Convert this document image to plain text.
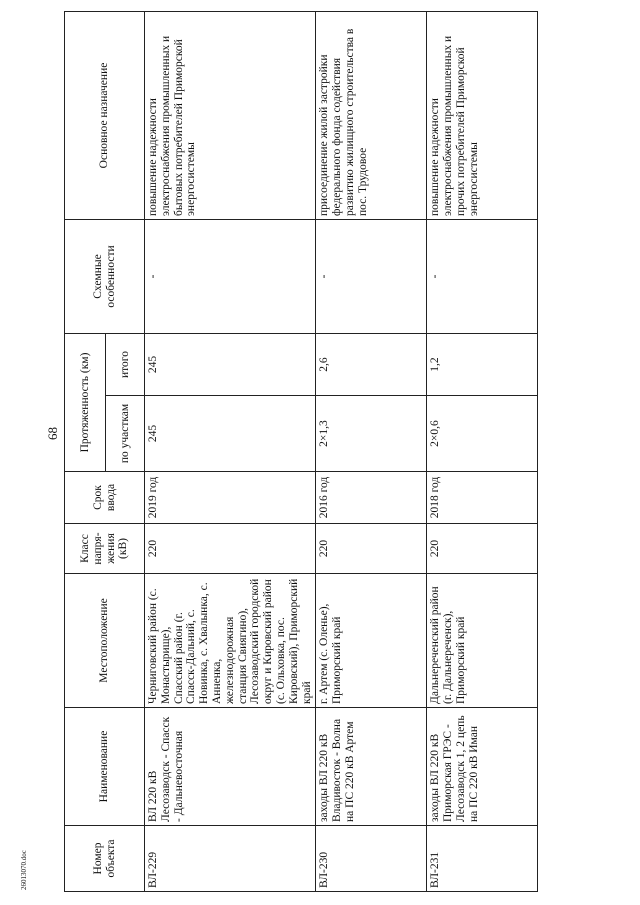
68
Номер объекта	Наименование	Местоположение	Класс напря-жения (кВ)	Срок ввода	Протяженность (км)		Схемные особенности	Основное назначение
					по участкам	итого		
ВЛ-229	ВЛ 220 кВ Лесозаводск - Спасск - Дальневосточная	Черниговский район (с. Монастырище), Спасский район (г. Спасск-Дальний, с. Новинка, с. Хвалынка, с. Анненка, железнодорожная станция Свиягино), Лесозаводский городской округ и Кировский район (с. Ольховка, пос. Кировский), Приморский край	220	2019 год	245	245	-	повышение надежности электроснабжения промышленных и бытовых потребителей Приморской энергосистемы
ВЛ-230	заходы ВЛ 220 кВ Владивосток - Волна на ПС 220 кВ Артем	г. Артем (с. Оленье), Приморский край	220	2016 год	2×1,3	2,6	-	присоединение жилой застройки федерального фонда содействия развитию жилищного строительства в пос. Трудовое
ВЛ-231	заходы ВЛ 220 кВ Приморская ГРЭС - Лесозаводск 1, 2 цепь на ПС 220 кВ Иман	Дальнереченский район (г. Дальнереченск), Приморский край	220	2018 год	2×0,6	1,2	-	повышение надежности электроснабжения промышленных и прочих потребителей Приморской энергосистемы
26013070.doc
